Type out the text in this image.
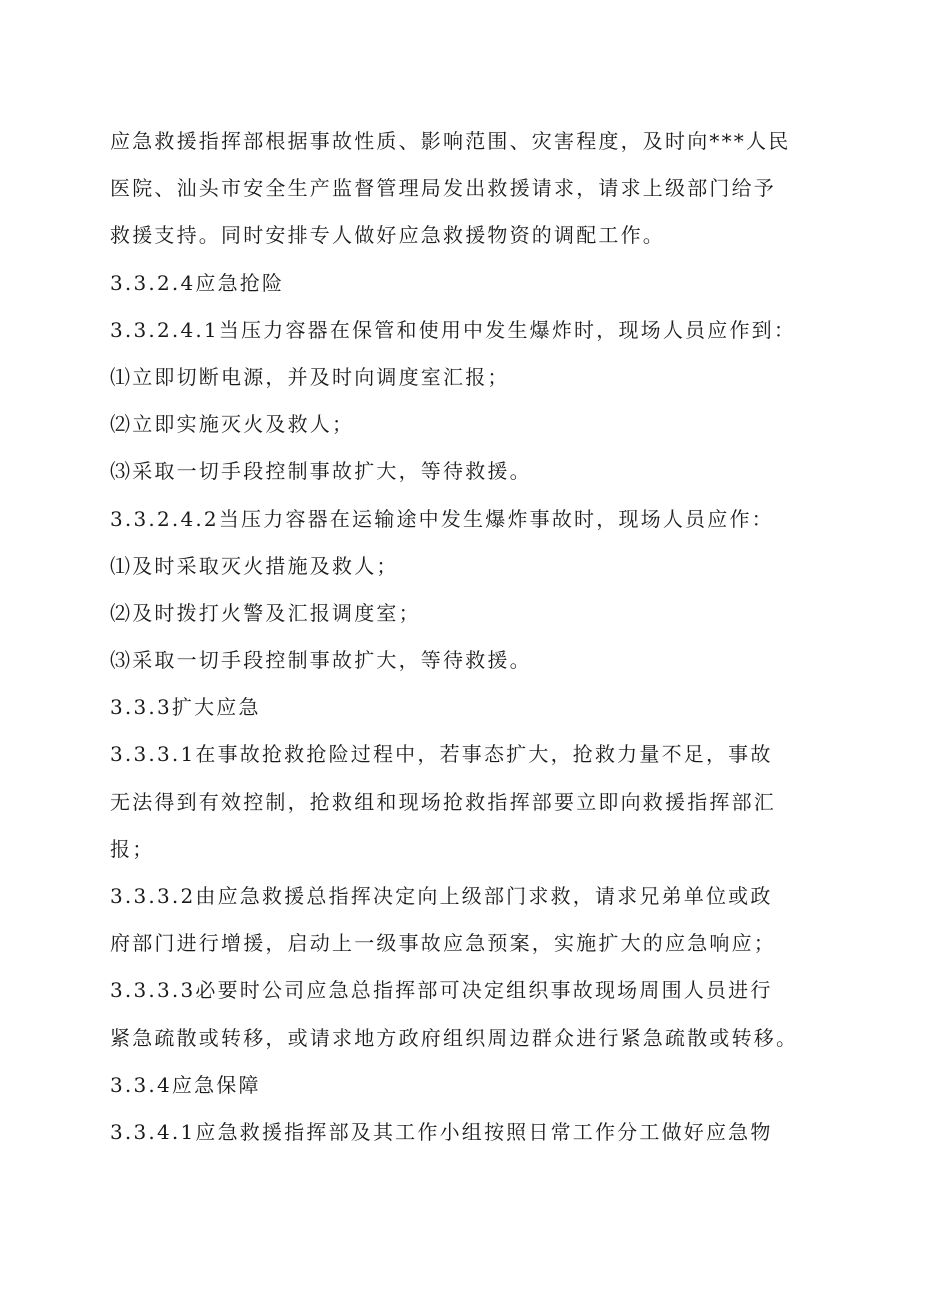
应急救援指挥部根据事故性质、影响范围、灾害程度，及时向***人民
医院、汕头市安全生产监督管理局发出救援请求，请求上级部门给予
救援支持。同时安排专人做好应急救援物资的调配工作。
3.3.2.4应急抢险
3.3.2.4.1当压力容器在保管和使用中发生爆炸时，现场人员应作到：
⑴立即切断电源，并及时向调度室汇报；
⑵立即实施灭火及救人；
⑶采取一切手段控制事故扩大，等待救援。
3.3.2.4.2当压力容器在运输途中发生爆炸事故时，现场人员应作：
⑴及时采取灭火措施及救人；
⑵及时拨打火警及汇报调度室；
⑶采取一切手段控制事故扩大，等待救援。
3.3.3扩大应急
3.3.3.1在事故抢救抢险过程中，若事态扩大，抢救力量不足，事故
无法得到有效控制，抢救组和现场抢救指挥部要立即向救援指挥部汇
报；
3.3.3.2由应急救援总指挥决定向上级部门求救，请求兄弟单位或政
府部门进行增援，启动上一级事故应急预案，实施扩大的应急响应；
3.3.3.3必要时公司应急总指挥部可决定组织事故现场周围人员进行
紧急疏散或转移，或请求地方政府组织周边群众进行紧急疏散或转移。
3.3.4应急保障
3.3.4.1应急救援指挥部及其工作小组按照日常工作分工做好应急物
